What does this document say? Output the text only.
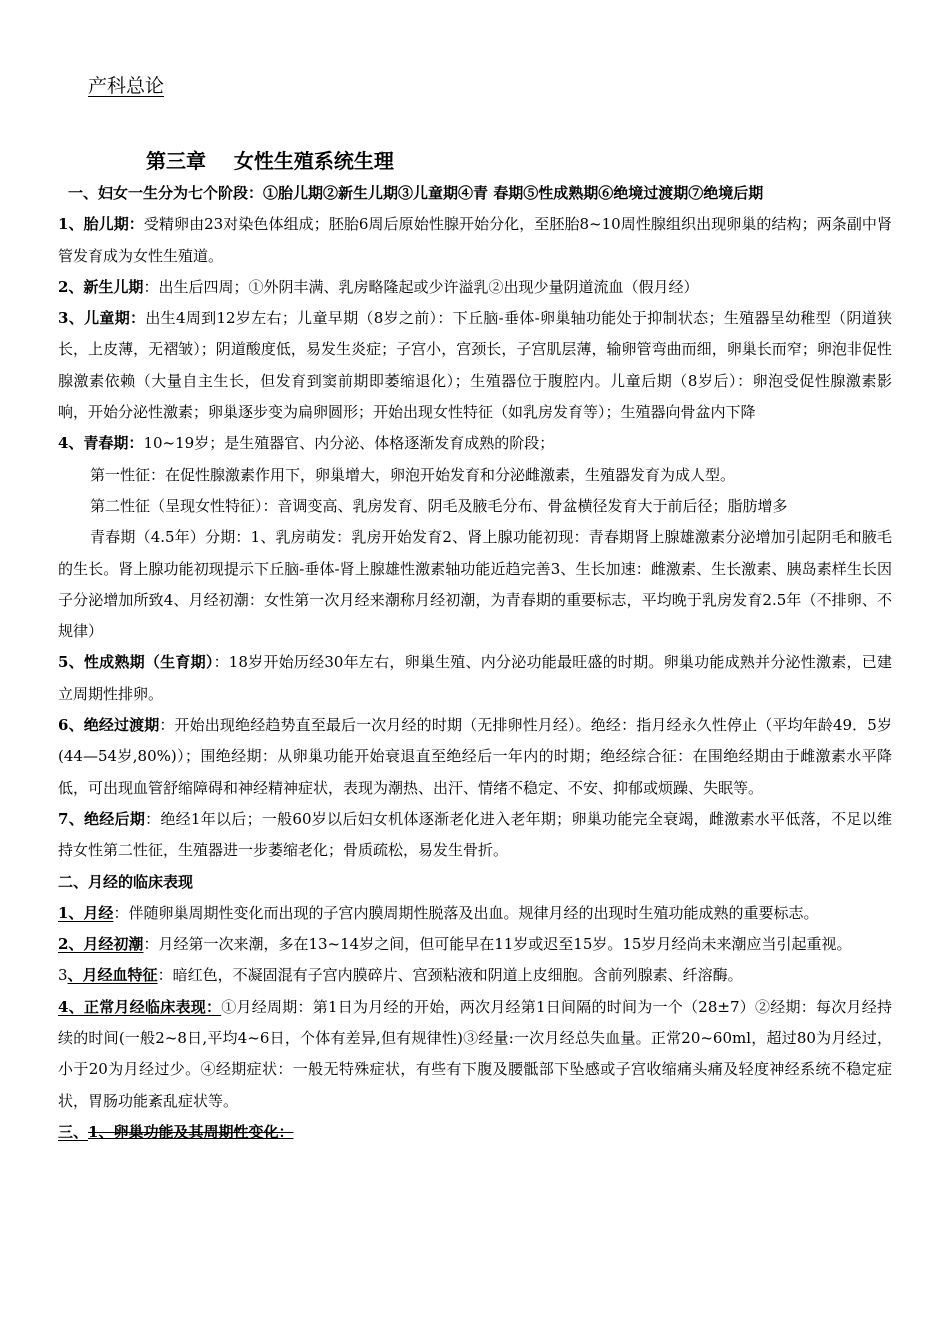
产科总论
第三章    女性生殖系统生理

一、妇女一生分为七个阶段：①胎儿期②新生儿期③儿童期④青 春期⑤性成熟期⑥绝境过渡期⑦绝境后期

1、胎儿期：受精卵由23对染色体组成；胚胎6周后原始性腺开始分化，至胚胎8~10周性腺组织出现卵巢的结构；两条副中肾管发育成为女性生殖道。

2、新生儿期：出生后四周；①外阴丰满、乳房略隆起或少许溢乳②出现少量阴道流血（假月经）

3、儿童期：出生4周到12岁左右；儿童早期（8岁之前）：下丘脑-垂体-卵巢轴功能处于抑制状态；生殖器呈幼稚型（阴道狭长，上皮薄，无褶皱）；阴道酸度低，易发生炎症；子宫小，宫颈长，子宫肌层薄，输卵管弯曲而细，卵巢长而窄；卵泡非促性腺激素依赖（大量自主生长，但发育到窦前期即萎缩退化）；生殖器位于腹腔内。儿童后期（8岁后）：卵泡受促性腺激素影响，开始分泌性激素；卵巢逐步变为扁卵圆形；开始出现女性特征（如乳房发育等）；生殖器向骨盆内下降

4、青春期：10~19岁；是生殖器官、内分泌、体格逐渐发育成熟的阶段；

第一性征：在促性腺激素作用下，卵巢增大，卵泡开始发育和分泌雌激素，生殖器发育为成人型。

第二性征（呈现女性特征）：音调变高、乳房发育、阴毛及腋毛分布、骨盆横径发育大于前后径；脂肪增多

青春期（4.5年）分期：1、乳房萌发：乳房开始发育2、肾上腺功能初现：青春期肾上腺雄激素分泌增加引起阴毛和腋毛的生长。肾上腺功能初现提示下丘脑-垂体-肾上腺雄性激素轴功能近趋完善3、生长加速：雌激素、生长激素、胰岛素样生长因子分泌增加所致4、月经初潮：女性第一次月经来潮称月经初潮，为青春期的重要标志，平均晚于乳房发育2.5年（不排卵、不规律）

5、性成熟期（生育期）：18岁开始历经30年左右，卵巢生殖、内分泌功能最旺盛的时期。卵巢功能成熟并分泌性激素，已建立周期性排卵。

6、绝经过渡期：开始出现绝经趋势直至最后一次月经的时期（无排卵性月经）。绝经：指月经永久性停止（平均年龄49．5岁(44—54岁,80%)）；围绝经期：从卵巢功能开始衰退直至绝经后一年内的时期；绝经综合征：在围绝经期由于雌激素水平降低，可出现血管舒缩障碍和神经精神症状，表现为潮热、出汗、情绪不稳定、不安、抑郁或烦躁、失眠等。

7、绝经后期：绝经1年以后；一般60岁以后妇女机体逐渐老化进入老年期；卵巢功能完全衰竭，雌激素水平低落，不足以维持女性第二性征，生殖器进一步萎缩老化；骨质疏松，易发生骨折。

二、月经的临床表现

1、月经：伴随卵巢周期性变化而出现的子宫内膜周期性脱落及出血。规律月经的出现时生殖功能成熟的重要标志。

2、月经初潮：月经第一次来潮，多在13~14岁之间，但可能早在11岁或迟至15岁。15岁月经尚未来潮应当引起重视。

3、月经血特征：暗红色，不凝固混有子宫内膜碎片、宫颈粘液和阴道上皮细胞。含前列腺素、纤溶酶。

4、正常月经临床表现：①月经周期：第1日为月经的开始，两次月经第1日间隔的时间为一个（28±7）②经期：每次月经持续的时间(一般2~8日,平均4~6日，个体有差异,但有规律性)③经量:一次月经总失血量。正常20~60ml，超过80为月经过，小于20为月经过少。④经期症状：一般无特殊症状，有些有下腹及腰骶部下坠感或子宫收缩痛头痛及轻度神经系统不稳定症状，胃肠功能紊乱症状等。

三、1、卵巢功能及其周期性变化：
